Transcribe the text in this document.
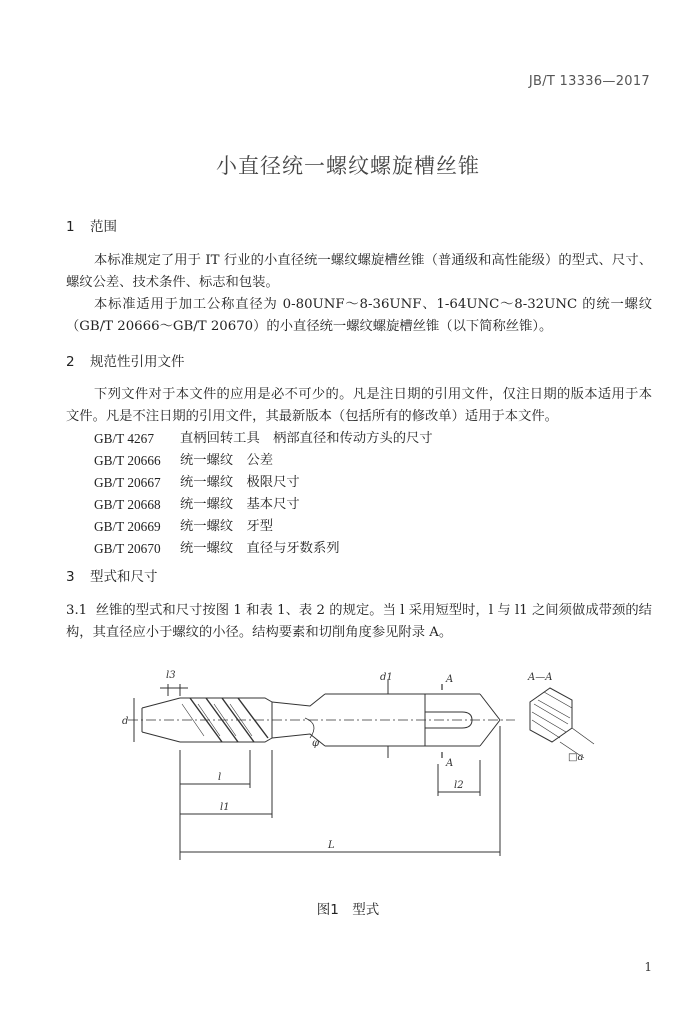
JB/T 13336—2017
小直径统一螺纹螺旋槽丝锥
1 范围
本标准规定了用于 IT 行业的小直径统一螺纹螺旋槽丝锥（普通级和高性能级）的型式、尺寸、螺纹公差、技术条件、标志和包装。
本标准适用于加工公称直径为 0-80UNF～8-36UNF、1-64UNC～8-32UNC 的统一螺纹（GB/T 20666～GB/T 20670）的小直径统一螺纹螺旋槽丝锥（以下简称丝锥）。
2 规范性引用文件
下列文件对于本文件的应用是必不可少的。凡是注日期的引用文件，仅注日期的版本适用于本文件。凡是不注日期的引用文件，其最新版本（包括所有的修改单）适用于本文件。
GB/T 4267	直柄回转工具　柄部直径和传动方头的尺寸
GB/T 20666	统一螺纹　公差
GB/T 20667	统一螺纹　极限尺寸
GB/T 20668	统一螺纹　基本尺寸
GB/T 20669	统一螺纹　牙型
GB/T 20670	统一螺纹　直径与牙数系列
3 型式和尺寸
3.1 丝锥的型式和尺寸按图 1 和表 1、表 2 的规定。当 l 采用短型时，l 与 l1 之间须做成带颈的结构，其直径应小于螺纹的小径。结构要素和切削角度参见附录 A。
l3
d
d1	A
A
A—A
□a
φ
l
l1
l2
L
图1　型式
1
